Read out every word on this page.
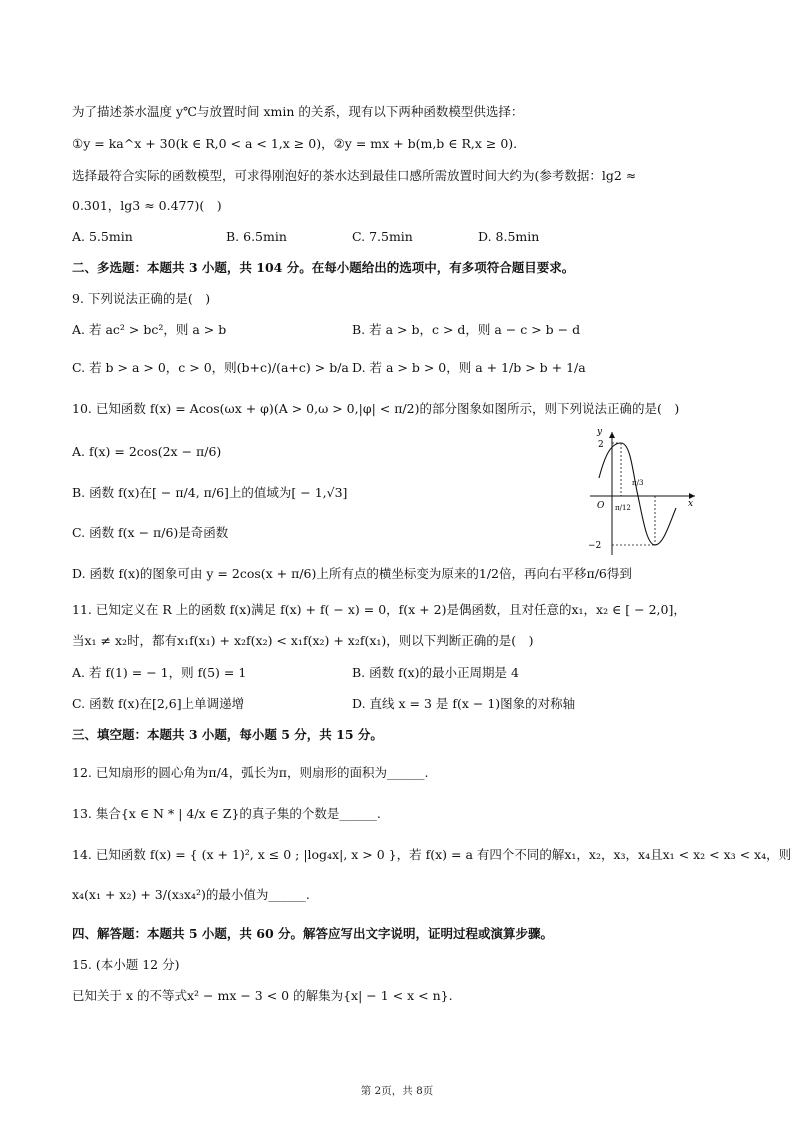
为了描述茶水温度 y℃与放置时间 xmin 的关系，现有以下两种函数模型供选择：
①y = ka^x + 30(k ∈ R,0 < a < 1,x ≥ 0)，②y = mx + b(m,b ∈ R,x ≥ 0).
选择最符合实际的函数模型，可求得刚泡好的茶水达到最佳口感所需放置时间大约为(参考数据：lg2 ≈
0.301，lg3 ≈ 0.477)(　)
A. 5.5min	B. 6.5min	C. 7.5min	D. 8.5min
二、多选题：本题共 3 小题，共 104 分。在每小题给出的选项中，有多项符合题目要求。
9. 下列说法正确的是(　)
A. 若 ac² > bc²，则 a > b	B. 若 a > b，c > d，则 a − c > b − d
C. 若 b > a > 0，c > 0，则(b+c)/(a+c) > b/a D. 若 a > b > 0，则 a + 1/b > b + 1/a
10. 已知函数 f(x) = Acos(ωx + φ)(A > 0,ω > 0,|φ| < π/2)的部分图象如图所示，则下列说法正确的是(　)
A. f(x) = 2cos(2x − π/6)
B. 函数 f(x)在[ − π/4, π/6]上的值域为[ − 1,√3]
C. 函数 f(x − π/6)是奇函数
D. 函数 f(x)的图象可由 y = 2cos(x + π/6)上所有点的横坐标变为原来的1/2倍，再向右平移π/6得到
y
x
O
2
−2
π/12
π/3
11. 已知定义在 R 上的函数 f(x)满足 f(x) + f( − x) = 0，f(x + 2)是偶函数，且对任意的x₁，x₂ ∈ [ − 2,0]，
当x₁ ≠ x₂时，都有x₁f(x₁) + x₂f(x₂) < x₁f(x₂) + x₂f(x₁)，则以下判断正确的是(　)
A. 若 f(1) = − 1，则 f(5) = 1	B. 函数 f(x)的最小正周期是 4
C. 函数 f(x)在[2,6]上单调递增	D. 直线 x = 3 是 f(x − 1)图象的对称轴
三、填空题：本题共 3 小题，每小题 5 分，共 15 分。
12. 已知扇形的圆心角为π/4，弧长为π，则扇形的面积为______.
13. 集合{x ∈ N * | 4/x ∈ Z}的真子集的个数是______.
14. 已知函数 f(x) = { (x + 1)², x ≤ 0 ; |log₄x|, x > 0 }，若 f(x) = a 有四个不同的解x₁，x₂，x₃，x₄且x₁ < x₂ < x₃ < x₄，则
x₄(x₁ + x₂) + 3/(x₃x₄²)的最小值为______.
四、解答题：本题共 5 小题，共 60 分。解答应写出文字说明，证明过程或演算步骤。
15. (本小题 12 分)
已知关于 x 的不等式x² − mx − 3 < 0 的解集为{x| − 1 < x < n}.
第 2页，共 8页
